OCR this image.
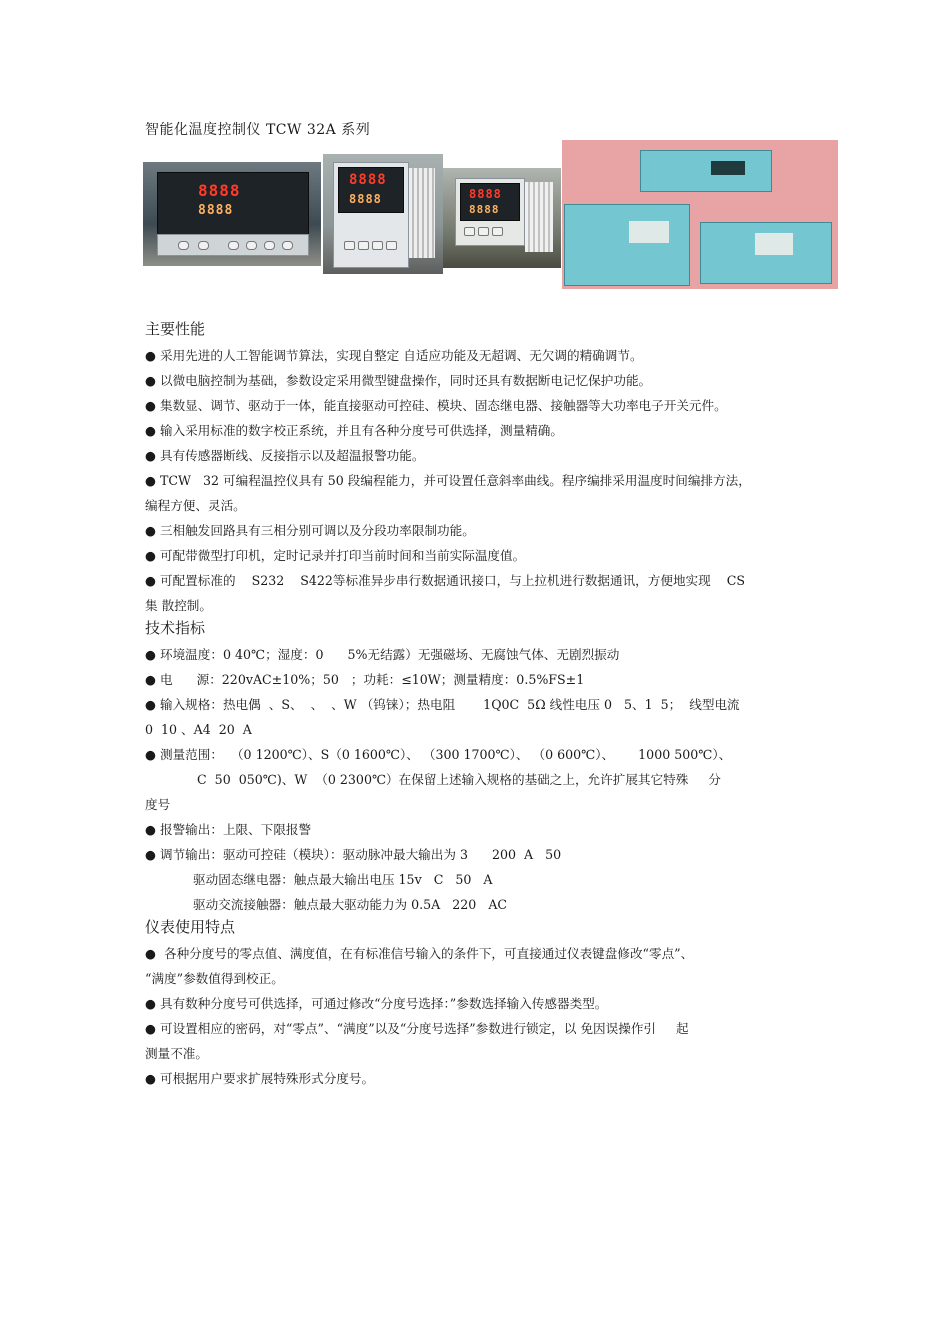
智能化温度控制仪 TCW 32A 系列
8888
8888
8888
8888	8888
8888
主要性能
● 采用先进的人工智能调节算法，实现自整定 自适应功能及无超调、无欠调的精确调节。
● 以微电脑控制为基础，参数设定采用微型键盘操作，同时还具有数据断电记忆保护功能。
● 集数显、调节、驱动于一体，能直接驱动可控硅、模块、固态继电器、接触器等大功率电子开关元件。
● 输入采用标准的数字校正系统，并且有各种分度号可供选择，测量精确。
● 具有传感器断线、反接指示以及超温报警功能。
● TCW   32 可编程温控仪具有 50 段编程能力，并可设置任意斜率曲线。程序编排采用温度时间编排方法，
编程方便、灵活。
● 三相触发回路具有三相分别可调以及分段功率限制功能。
● 可配带微型打印机，定时记录并打印当前时间和当前实际温度值。
● 可配置标准的    S232    S422等标准异步串行数据通讯接口，与上拉机进行数据通讯，方便地实现    CS
集 散控制。
技术指标
● 环境温度：0 40℃；湿度：0      5%无结露）无强磁场、无腐蚀气体、无剧烈振动
● 电      源：220vAC±10%；50   ；功耗：≤10W；测量精度：0.5%FS±1
● 输入规格：热电偶  、S、  、  、W （钨铼）；热电阻       1Q0C  5Ω 线性电压 0   5、1  5；  线型电流
0  10 、A4  20  A
● 测量范围：  （0 1200℃）、S（0 1600℃）、 （300 1700℃）、 （0 600℃）、      1000 500℃）、
C  50  050℃)、W  （0 2300℃）在保留上述输入规格的基础之上，允许扩展其它特殊     分
度号
● 报警输出：上限、下限报警
● 调节输出：驱动可控硅（模块）：驱动脉冲最大输出为 3      200  A   50
驱动固态继电器：触点最大输出电压 15v   C   50   A
驱动交流接触器：触点最大驱动能力为 0.5A   220   AC
仪表使用特点
●  各种分度号的零点值、满度值，在有标准信号输入的条件下，可直接通过仪表键盘修改“零点”、
“满度”参数值得到校正。
● 具有数种分度号可供选择，可通过修改“分度号选择：”参数选择输入传感器类型。
● 可设置相应的密码，对“零点”、“满度”以及“分度号选择”参数进行锁定，以 免因误操作引     起
测量不准。
● 可根据用户要求扩展特殊形式分度号。
